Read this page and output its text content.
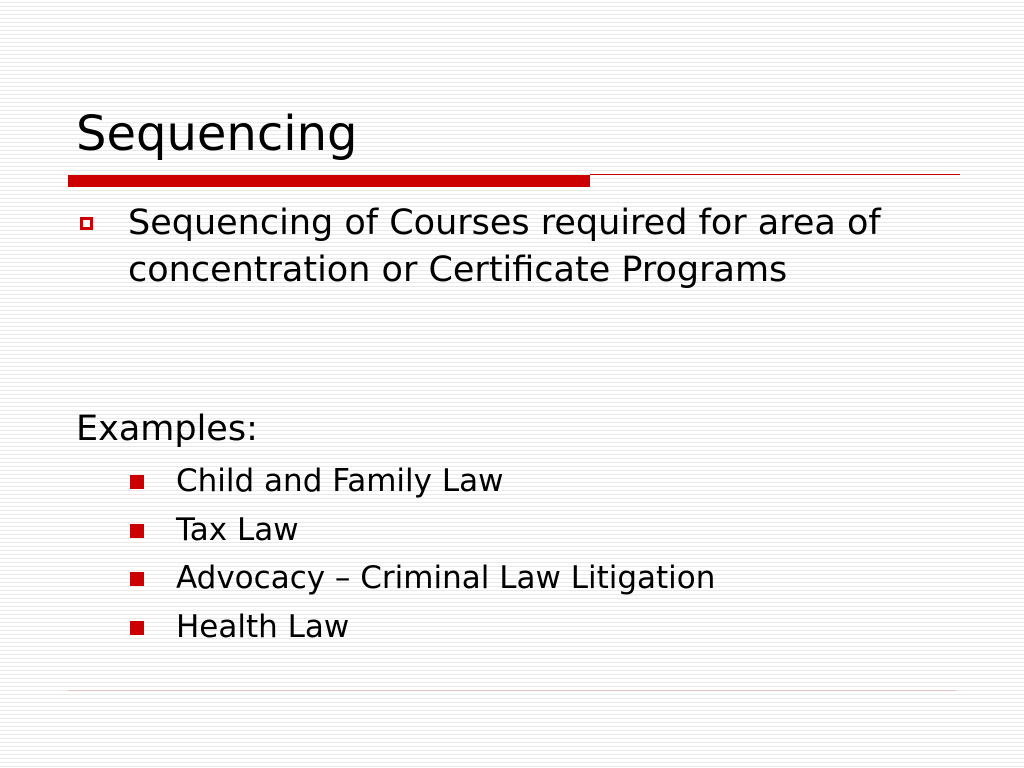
Sequencing
Sequencing of Courses required for area of concentration or Certificate Programs
Examples:
Child and Family Law
Tax Law
Advocacy – Criminal Law Litigation
Health Law
